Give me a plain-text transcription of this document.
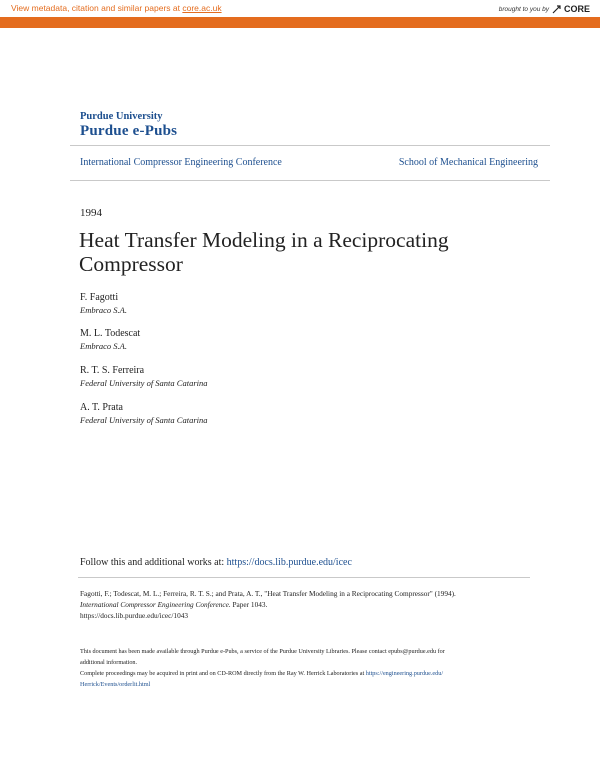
View metadata, citation and similar papers at core.ac.uk	brought to you by CORE
provided by Purdue E-Pubs
Purdue University
Purdue e-Pubs
International Compressor Engineering Conference	School of Mechanical Engineering
1994
Heat Transfer Modeling in a Reciprocating
Compressor
F. Fagotti
Embraco S.A.
M. L. Todescat
Embraco S.A.
R. T. S. Ferreira
Federal University of Santa Catarina
A. T. Prata
Federal University of Santa Catarina
Follow this and additional works at: https://docs.lib.purdue.edu/icec
Fagotti, F.; Todescat, M. L.; Ferreira, R. T. S.; and Prata, A. T., "Heat Transfer Modeling in a Reciprocating Compressor" (1994).
International Compressor Engineering Conference. Paper 1043.
https://docs.lib.purdue.edu/icec/1043
This document has been made available through Purdue e-Pubs, a service of the Purdue University Libraries. Please contact epubs@purdue.edu for
additional information.
Complete proceedings may be acquired in print and on CD-ROM directly from the Ray W. Herrick Laboratories at https://engineering.purdue.edu/
Herrick/Events/orderlit.html
